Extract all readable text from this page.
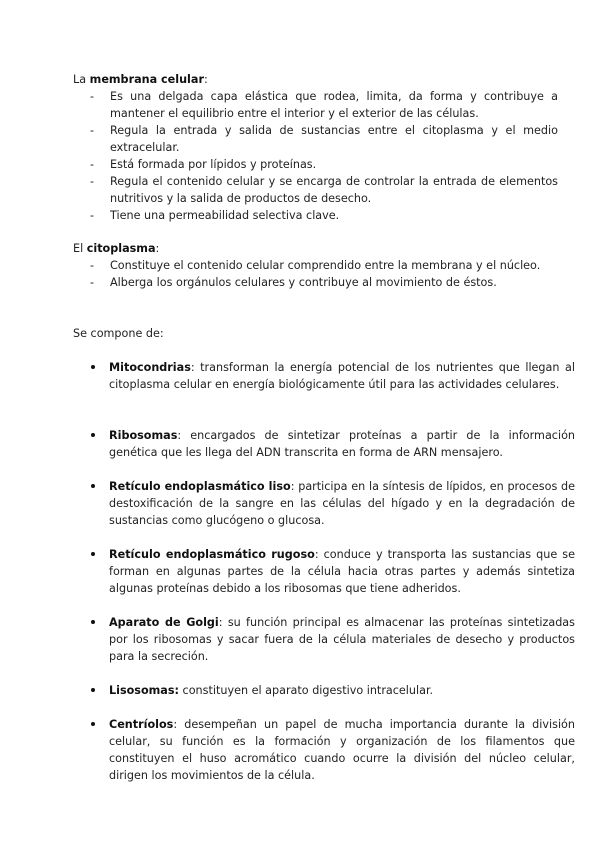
La membrana celular:

- Es una delgada capa elástica que rodea, limita, da forma y contribuye a mantener el equilibrio entre el interior y el exterior de las células.
- Regula la entrada y salida de sustancias entre el citoplasma y el medio extracelular.
- Está formada por lípidos y proteínas.
- Regula el contenido celular y se encarga de controlar la entrada de elementos nutritivos y la salida de productos de desecho.
- Tiene una permeabilidad selectiva clave.

El citoplasma:

- Constituye el contenido celular comprendido entre la membrana y el núcleo.
- Alberga los orgánulos celulares y contribuye al movimiento de éstos.

Se compone de:

Mitocondrias: transforman la energía potencial de los nutrientes que llegan al citoplasma celular en energía biológicamente útil para las actividades celulares.

Ribosomas: encargados de sintetizar proteínas a partir de la información genética que les llega del ADN transcrita en forma de ARN mensajero.

Retículo endoplasmático liso: participa en la síntesis de lípidos, en procesos de destoxificación de la sangre en las células del hígado y en la degradación de sustancias como glucógeno o glucosa.

Retículo endoplasmático rugoso: conduce y transporta las sustancias que se forman en algunas partes de la célula hacia otras partes y además sintetiza algunas proteínas debido a los ribosomas que tiene adheridos.

Aparato de Golgi: su función principal es almacenar las proteínas sintetizadas por los ribosomas y sacar fuera de la célula materiales de desecho y productos para la secreción.

Lisosomas: constituyen el aparato digestivo intracelular.

Centríolos: desempeñan un papel de mucha importancia durante la división celular, su función es la formación y organización de los filamentos que constituyen el huso acromático cuando ocurre la división del núcleo celular, dirigen los movimientos de la célula.
